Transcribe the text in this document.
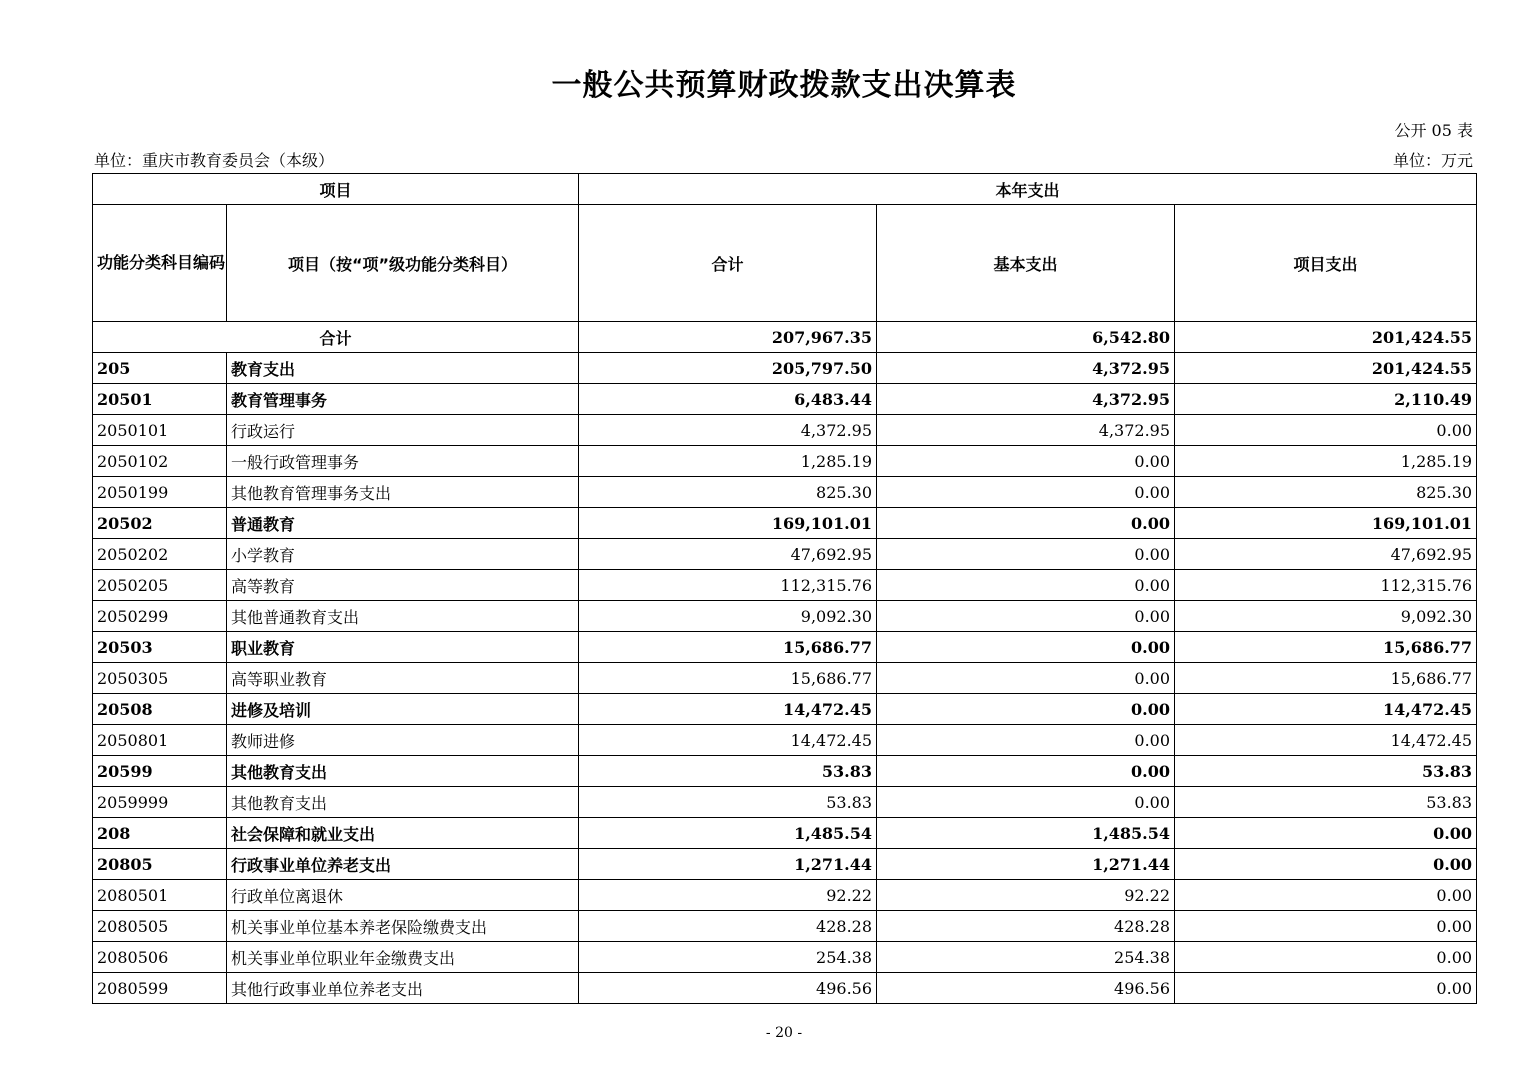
一般公共预算财政拨款支出决算表
公开 05 表
单位：重庆市教育委员会（本级）	单位：万元
项目		本年支出		
功能分类科目编码	项目（按“项”级功能分类科目）	合计	基本支出	项目支出
合计		207,967.35	6,542.80	201,424.55
205	教育支出	205,797.50	4,372.95	201,424.55
20501	教育管理事务	6,483.44	4,372.95	2,110.49
2050101	行政运行	4,372.95	4,372.95	0.00
2050102	一般行政管理事务	1,285.19	0.00	1,285.19
2050199	其他教育管理事务支出	825.30	0.00	825.30
20502	普通教育	169,101.01	0.00	169,101.01
2050202	小学教育	47,692.95	0.00	47,692.95
2050205	高等教育	112,315.76	0.00	112,315.76
2050299	其他普通教育支出	9,092.30	0.00	9,092.30
20503	职业教育	15,686.77	0.00	15,686.77
2050305	高等职业教育	15,686.77	0.00	15,686.77
20508	进修及培训	14,472.45	0.00	14,472.45
2050801	教师进修	14,472.45	0.00	14,472.45
20599	其他教育支出	53.83	0.00	53.83
2059999	其他教育支出	53.83	0.00	53.83
208	社会保障和就业支出	1,485.54	1,485.54	0.00
20805	行政事业单位养老支出	1,271.44	1,271.44	0.00
2080501	行政单位离退休	92.22	92.22	0.00
2080505	机关事业单位基本养老保险缴费支出	428.28	428.28	0.00
2080506	机关事业单位职业年金缴费支出	254.38	254.38	0.00
2080599	其他行政事业单位养老支出	496.56	496.56	0.00
- 20 -
